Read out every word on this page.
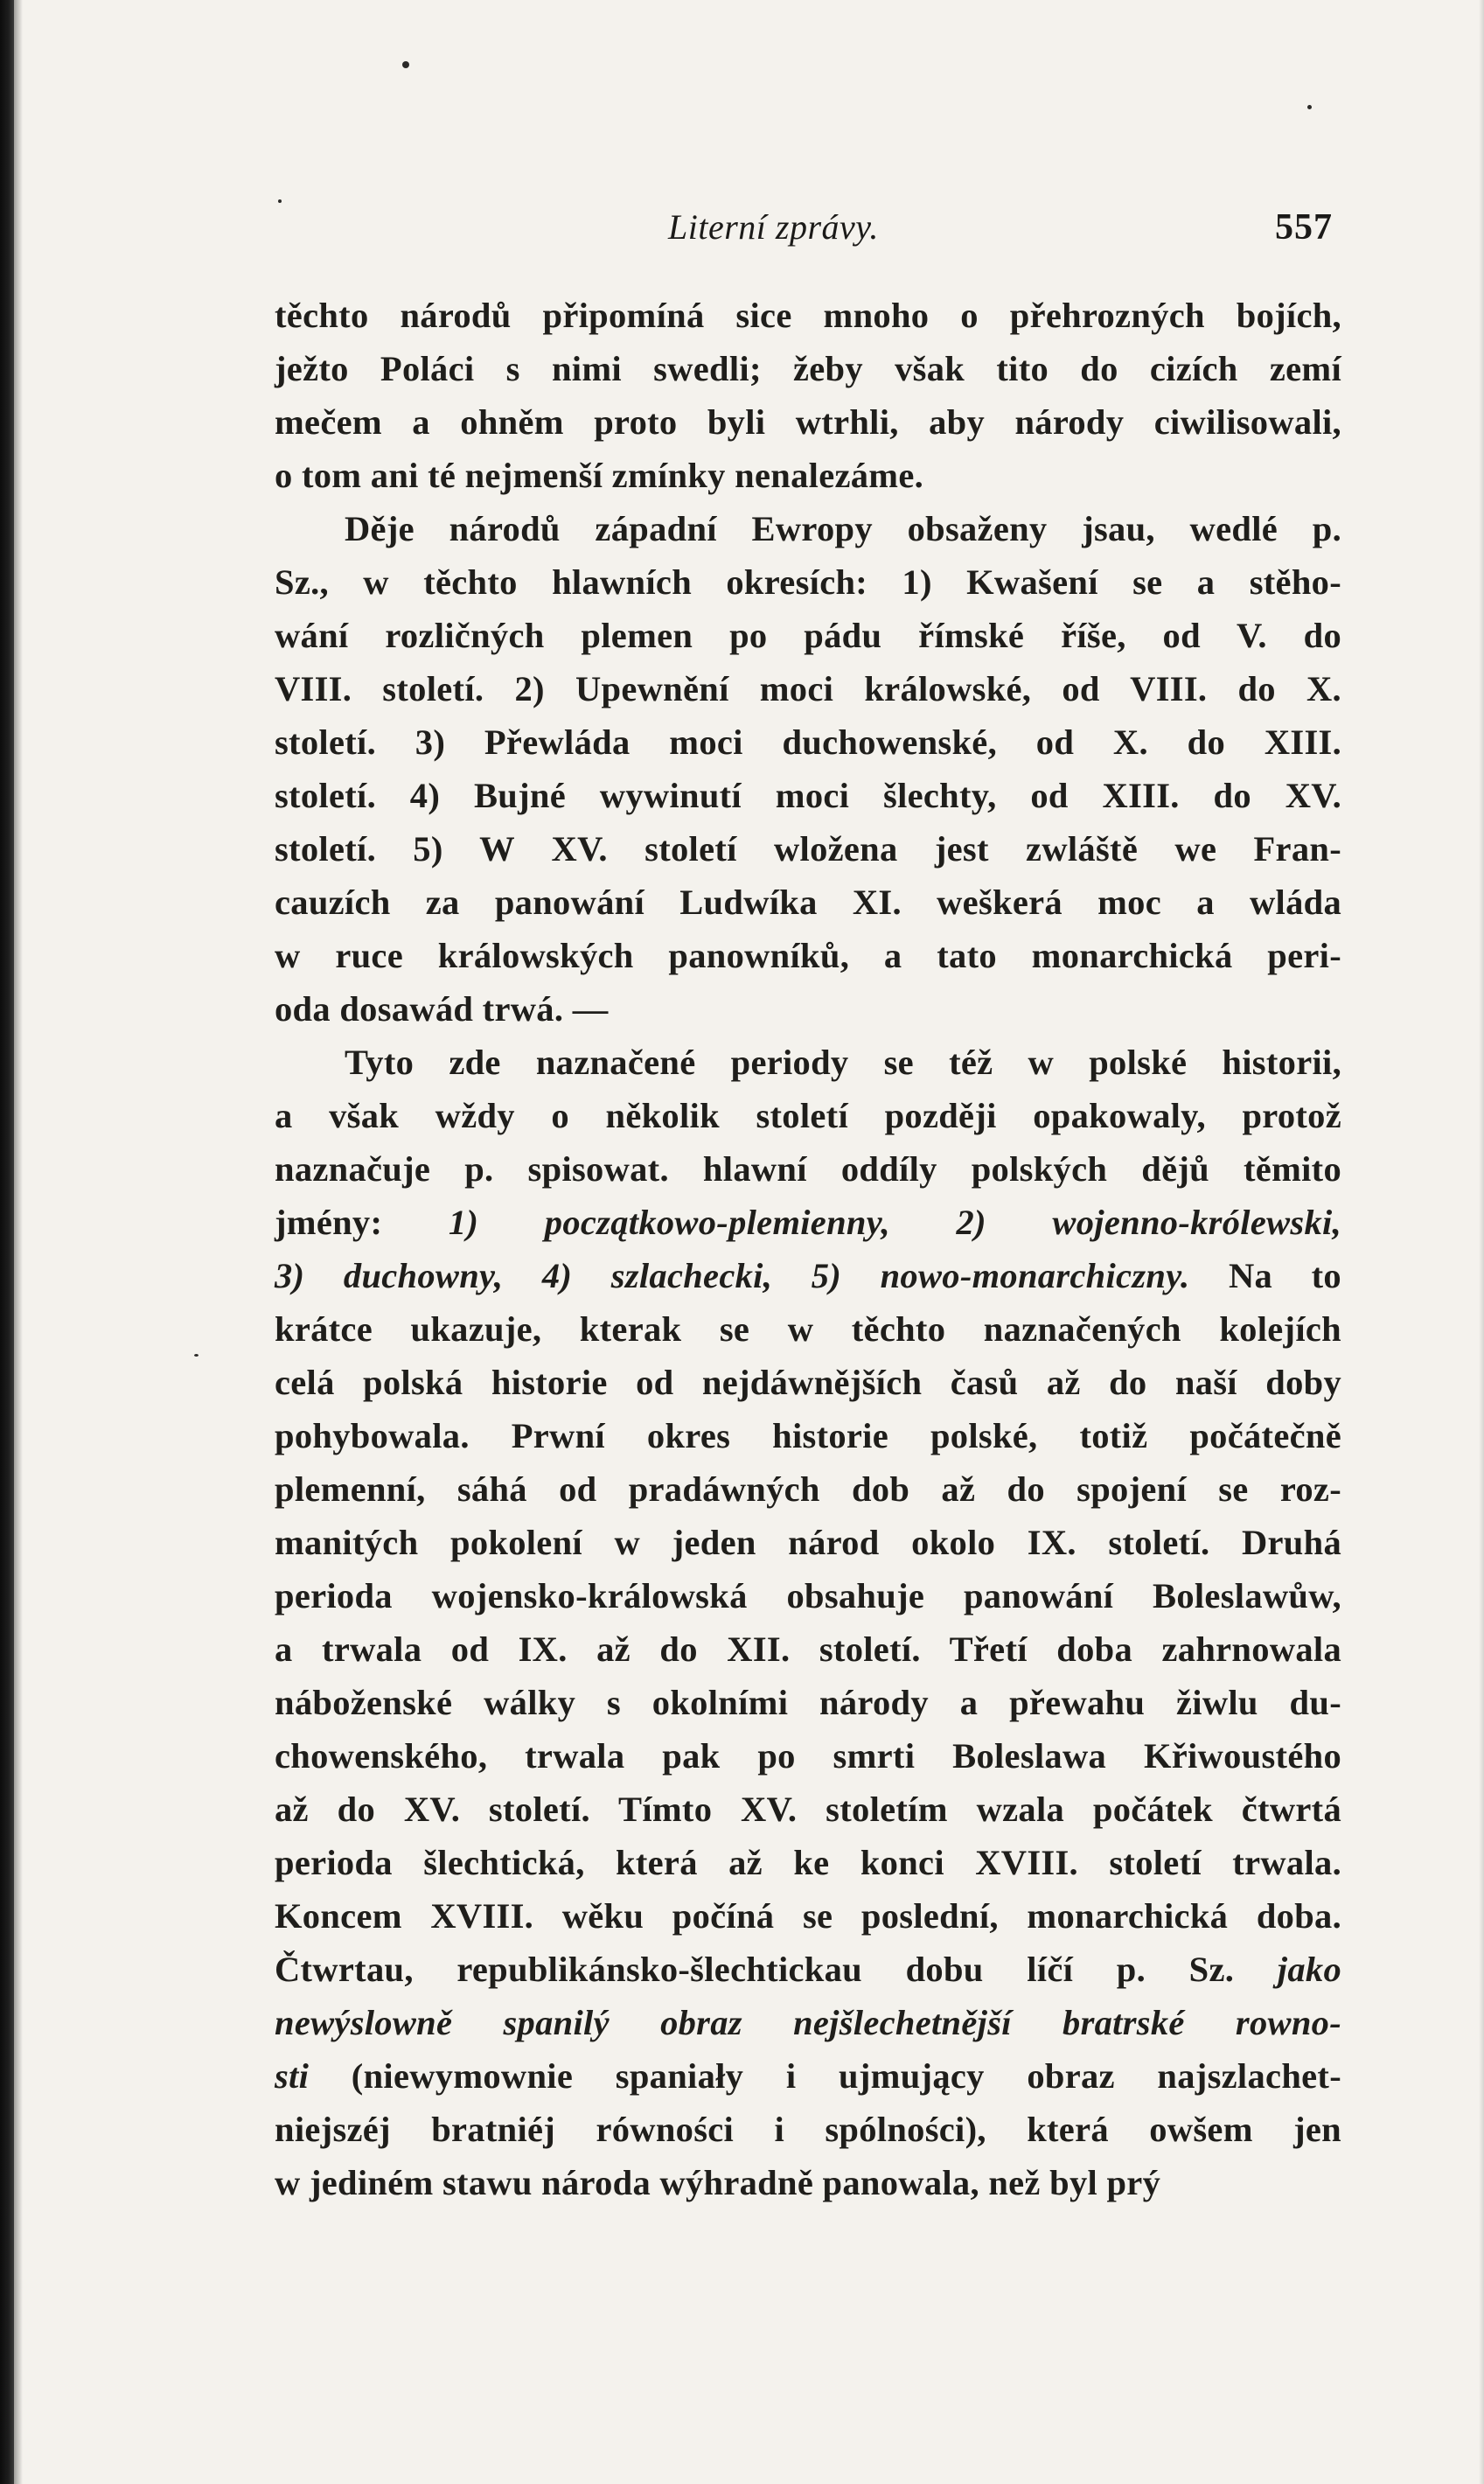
Literní zprávy.	557
těchto národů připomíná sice mnoho o přehrozných bojích,
ježto Poláci s nimi swedli; žeby však tito do cizích zemí
mečem a ohněm proto byli wtrhli, aby národy ciwilisowali,
o tom ani té nejmenší zmínky nenalezáme.
Děje národů západní Ewropy obsaženy jsau, wedlé p.
Sz., w těchto hlawních okresích: 1) Kwašení se a stěho-
wání rozličných plemen po pádu římské říše, od V. do
VIII. století. 2) Upewnění moci králowské, od VIII. do X.
století. 3) Přewláda moci duchowenské, od X. do XIII.
století. 4) Bujné wywinutí moci šlechty, od XIII. do XV.
století. 5) W XV. století wložena jest zwláště we Fran-
cauzích za panowání Ludwíka XI. weškerá moc a wláda
w ruce králowských panowníků, a tato monarchická peri-
oda dosawád trwá. —
Tyto zde naznačené periody se též w polské historii,
a však wždy o několik století později opakowaly, protož
naznačuje p. spisowat. hlawní oddíly polských dějů těmito
jmény: 1) początkowo-plemienny, 2) wojenno-królewski,
3) duchowny, 4) szlachecki, 5) nowo-monarchiczny. Na to
krátce ukazuje, kterak se w těchto naznačených kolejích
celá polská historie od nejdáwnějších časů až do naší doby
pohybowala. Prwní okres historie polské, totiž počátečně
plemenní, sáhá od pradáwných dob až do spojení se roz-
manitých pokolení w jeden národ okolo IX. století. Druhá
perioda wojensko-králowská obsahuje panowání Boleslawůw,
a trwala od IX. až do XII. století. Třetí doba zahrnowala
náboženské wálky s okolními národy a přewahu žiwlu du-
chowenského, trwala pak po smrti Boleslawa Křiwoustého
až do XV. století. Tímto XV. stoletím wzala počátek čtwrtá
perioda šlechtická, která až ke konci XVIII. století trwala.
Koncem XVIII. wěku počíná se poslední, monarchická doba.
Čtwrtau, republikánsko-šlechtickau dobu líčí p. Sz. jako
newýslowně spanilý obraz nejšlechetnější bratrské rowno-
sti (niewymownie spaniały i ujmujący obraz najszlachet-
niejszéj bratniéj równości i spólności), která owšem jen
w jediném stawu národa wýhradně panowala, než byl prý
